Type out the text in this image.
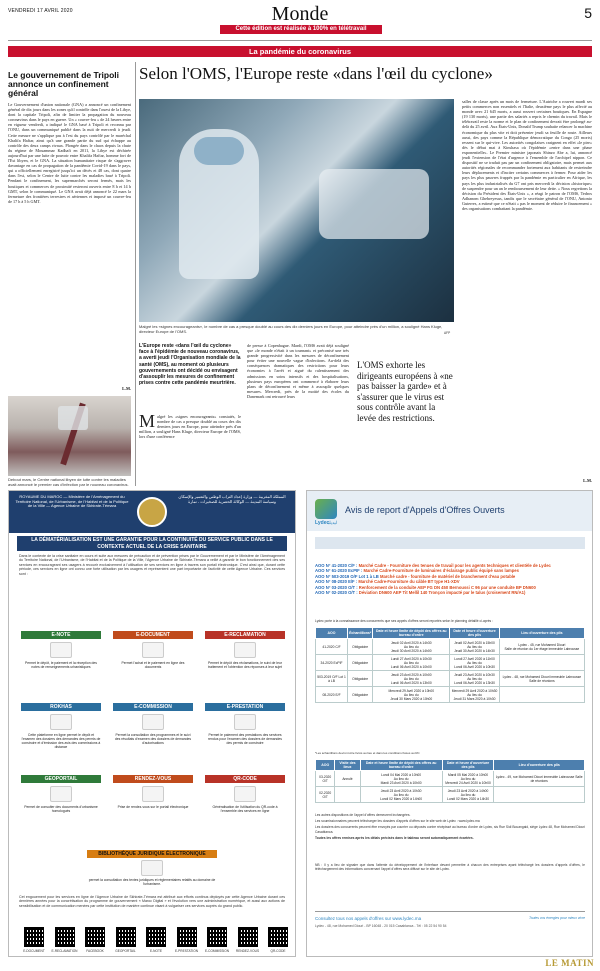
VENDREDI 17 AVRIL 2020	Monde	5
Cette édition est réalisée à 100% en télétravail
La pandémie du coronavirus
Le gouvernement de Tripoli annonce un confinement général
Le Gouvernement d'union nationale (GNA) a annoncé un confinement général de dix jours dans les zones qu'il contrôle dans l'ouest de la Libye, dont la capitale Tripoli, afin de limiter la propagation du nouveau coronavirus dans le pays en guerre. Un « couvre-feu » de 24 heures entre en vigueur vendredi, a indiqué le GNA basé à Tripoli et reconnu par l'ONU, dans un communiqué publié dans la nuit de mercredi à jeudi. Cette mesure ne s'applique pas à l'est du pays contrôlé par le maréchal Khalifa Haftar, ainsi qu'à une grande partie du sud qui échappe au contrôle des deux camps rivaux. Plongée dans le chaos depuis la chute du régime de Mouammar Kadhafi en 2011, la Libye est déchirée aujourd'hui par une lutte de pouvoir entre Khalifa Haftar, homme fort de l'Est libyen, et le GNA. La situation humanitaire risque de s'aggraver davantage en cas de propagation de la pandémie Covid-19 dans le pays, qui a officiellement enregistré jusqu'ici un décès et 48 cas, dont quatre dans l'est, selon le Centre de lutte contre les maladies basé à Tripoli. Pendant le confinement, les supermarchés seront fermés, mais les boutiques et commerces de proximité resteront ouverts entre 8 h et 14 h GMT, selon le communiqué. Le GNA avait déjà annoncé le 22 mars la fermeture des frontières terrestres et aériennes et imposé un couvre-feu de 17 h à 5 h GMT.
L.M.
Debout mars, le Centre national libyen de lutte contre les maladies avait annoncé le premier cas d'infection par le nouveau coronavirus.
Selon l'OMS, l'Europe reste «dans l'œil du cyclone»
Malgré les «signes encourageants», le nombre de cas a presque doublé au cours des dix derniers jours en Europe, pour atteindre près d'un million, a souligné Hans Kluge, directeur Europe de l'OMS.	AFP
L'Europe reste «dans l'œil du cyclone» face à l'épidémie de nouveau coronavirus, a averti jeudi l'Organisation mondiale de la santé (OMS), au moment où plusieurs gouvernements ont décidé ou envisagent d'assouplir les mesures de confinement prises contre cette pandémie meurtrière.
Malgré les «signes encourageants» constatés, le nombre de cas a presque doublé au cours des dix derniers jours en Europe, pour atteindre près d'un million, a souligné Hans Kluge, directeur Europe de l'OMS, lors d'une conférence
de presse à Copenhague. Mardi, l'OMS avait déjà souligné que «le monde n'était à un tournant» et préconisé une très grande progressivité dans les mesures de déconfinement pour éviter une nouvelle vague d'infections. Au-delà des conséquences dramatiques des restrictions pour leurs économies à l'arrêt et aiguë du ralentissement des admissions en soins intensifs et des hospitalisations, plusieurs pays européens ont commencé à élaborer leurs plans de déconfinement et même à assouplir quelques mesures. Mercredi, près de la moitié des écoles du Danemark ont retrouvé leurs
L'OMS exhorte les dirigeants européens à «ne pas baisser la garde» et à s'assurer que le virus est sous contrôle avant la levée des restrictions.
salles de classe après un mois de fermeture. L'Autriche a rouvert mardi ses petits commerces non essentiels et l'Italie, deuxième pays le plus affecté au monde avec 21 645 morts, a aussi rouvert certaines boutiques. En Espagne (19 130 morts), une partie des salariés a repris le chemin du travail. Mais le télétravail reste la norme et le plan de confinement devrait être prolongé au-delà du 25 avril. Aux États-Unis, Donald Trump souhaite relancer la machine économique du plus vite et doit présenter jeudi sa feuille de route. Ailleurs aussi, des pays comme la République démocratique du Congo (25 morts) ressent sur le qui-vive. Les autorités congolaises craignent en effet «le pire» dès le début mai à Kinshasa où l'épidémie «entre dans une phase exponentielle». Le Premier ministre japonais Shinzo Abe a, lui, annoncé jeudi l'extension de l'état d'urgence à l'ensemble de l'archipel nippon. Ce dispositif ne se traduit pas par un confinement obligatoire, mais permet aux autorités régionales de recommander fortement aux habitants de restreindre leurs déplacements et d'inciter certains commerces à fermer. Pour aider les pays les plus pauvres frappés par la pandémie en particulier en Afrique, les pays les plus industrialisés du G7 ont pris mercredi la décision «historique» de suspendre pour un an le remboursement de leur dette. « Nous regrettons la décision du Président des États-Unis », a réagi le patron de l'OMS, Tedros Adhanom Ghebreyesus, tandis que le secrétaire général de l'ONU, Antonio Guterres, a estimé que ce n'était « pas le moment de réduire le financement » des organisations combattant la pandémie.
L.M.
ROYAUME DU MAROC — Ministère de l'Aménagement du Territoire National, de l'Urbanisme, de l'Habitat et de la Politique de la Ville — Agence Urbaine de Skhirate-Témara
المملكة المغربية — وزارة إعداد التراب الوطني والتعمير والإسكان وسياسة المدينة — الوكالة الحضرية للصخيرات - تمارة
LA DÉMATÉRIALISATION EST UNE GARANTIE POUR LA CONTINUITÉ DU SERVICE PUBLIC DANS LE CONTEXTE ACTUEL DE LA CRISE SANITAIRE
Dans le contexte de la crise sanitaire en cours et suite aux mesures de précaution et de prévention prises par le Gouvernement et par le Ministère de l'Aménagement du Territoire National, de l'Urbanisme, de l'Habitat et de la Politique de la Ville, l'Agence Urbaine de Skhirate-Témara a veillé à garantir le bon fonctionnement des ses services en encourageant ses usagers à recourir exclusivement à l'utilisation de ses services en ligne à travers son portail électronique. C'est ainsi que, durant cette période, ces services en ligne ont connu une forte utilisation par les usagers et représentent une part importante de l'activité de cette Agence Urbaine. Ces services sont :
E-NOTE
Permet le dépôt, le paiement et la réception des notes de renseignements urbanistiques
E-DOCUMENT
Permet l'achat et le paiement en ligne des documents
E-RECLAMATION
Permet le dépôt des réclamations, le suivi de leur traitement et l'obtention des réponses à leur sujet
ROKHAS
Cette plateforme en ligne permet le dépôt et l'examen des dossiers des demandes des permis de construire et d'émission des avis des commissions à distance
E-COMMISSION
Permet la consultation des programmes et le suivi des résultats d'examen des dossiers de demandes d'autorisations
E-PRESTATION
Permet le paiement des prestations des services rendus pour l'examen des dossiers de demandes des permis de construire
GEOPORTAIL
Permet de consulter des documents d'urbanisme homologués
RENDEZ-VOUS
Prise de rendez-vous sur le portail électronique
QR-CODE
Généralisation de l'utilisation du QR-code à l'ensemble des services en ligne
BIBLIOTHÈQUE JURIDIQUE ÉLECTRONIQUE
permet la consultation des textes juridiques et réglementaires relatifs au domaine de l'urbanisme.
Cet engouement pour les services en ligne de l'Agence Urbaine de Skhirate-Témara est attribué aux efforts continus déployés par cette Agence Urbaine durant ces dernières années pour la concrétisation du programme de gouvernement « Maroc Digital » et l'évolution vers une administration numérique, et aussi aux actions de sensibilisation et de communication menées par cette institution de manière continue visant à vulgariser ces services auprès du grand public.
E-DOCUMENT	E-RECLAMATION	FACEBOOK	GEOPORTAIL	E-NOTE	E-PRESTATION	E-COMMISSION	RENDEZ-VOUS	QR-CODE
Lydec
ليديك
Avis de report d'Appels d'Offres Ouverts
AOO N° 41-2020 C/F : Marché Cadre - Fourniture des tenues de travail pour les agents techniques et clientèle de Lydec
AOO N° 61-2020 EcPIF : Marché Cadre-Fourniture de luminaires d'éclairage public équipé sans lampes
AOO N° 503-2019 O/F Lot 1 à LB Marché cadre - fourniture de matériel de branchement d'eau potable
AOO N° 08-2020 E/F : Marché Cadre-Fourniture du câble BT type H1-XDV
AOO N° 03-2020 O/T : Renforcement de la conduite AEP FG DN 450 Bernoussi C 96 par une conduite BP DN600
AOO N° 02-2020 O/T : Déviation DN600 AEP Tit Mellil 140 Tronçon impacté par le talus (croisement RN/A1)
Lydec porte à la connaissance des concurrents que ses appels d'offres seront reportés selon le planning détaillé ci-après :
AOO	Échantillons*	Date et heure limite de dépôt des offres au bureau d'ordre	Date et heure d'ouverture des plis	Lieu d'ouverture des plis
41-2020 C/F	Obligatoire	Jeudi 02 Avril 2020 à 14h30
Au lieu du
Jeudi 30 Avril 2020 à 14h00	Jeudi 02 Avril 2020 à 15h00
Au lieu du
Jeudi 30 Avril 2020 à 14h30	Lydec - 45, rue Mohamed Diouri
Salle de réunion du 1er étage immeuble Labrousse
34-2020 EcPIF	Obligatoire	Lundi 27 Avril 2020 à 10h30
Au lieu du
Lundi 06 Avril 2020 à 10h00	Lundi 27 Avril 2020 à 11h00
Au lieu du
Lundi 06 Avril 2020 à 10h30	
503-2019 O/F Lot 1 à LB	Obligatoire	Jeudi 23 Avril 2020 à 10h00
Au lieu du
Lundi 06 Avril 2020 à 13h00	Jeudi 23 Avril 2020 à 10h30
Au lieu du
Lundi 06 Avril 2020 à 13h30	Lydec - 48, rue Mohamed Diouri immeuble Labrousse Salle de réunions
08-2020 E/F	Obligatoire	Mercredi 29 Avril 2020 à 10h00
Au lieu du
Jeudi 30 Mars 2020 à 10h00	Mercredi 29 Avril 2020 à 10h30
Au lieu du
Jeudi 31 Mars 2020 à 10h30	
*Les échantillons devront être livrés au lieu et dans les conditions fixées au RC
AOO	Visite des lieux	Date et heure limite de dépôt des offres au bureau d'ordre	Date et heure d'ouverture des plis	Lieu d'ouverture des plis
03-2020 O/T	Annulé	Lundi 04 Mai 2020 à 10h00
Au lieu du
Mardi 23 Avril 2020 à 10h00	Mardi 05 Mai 2020 à 10h00
Au lieu du
Mercredi 24 Avril 2020 à 10h00	Lydec - 49, rue Mohamed Diouri immeuble Labrousse Salle de réunions
02-2020 O/T		Jeudi 23 Avril 2020 à 10h30
Au lieu du
Lundi 02 Mars 2020 à 14h00	Jeudi 23 Avril 2020 à 14h00
Au lieu du
Lundi 02 Mars 2020 à 14h30	
Les autres dispositions de l'appel d'offres demeurent inchangées.
Les soumissionnaires peuvent télécharger les dossiers d'appels d'offres sur le site web de Lydec : www.lydec.ma
Les dossiers des concurrents peuvent être envoyés par courrier ou déposés contre récépissé au bureau d'ordre de Lydec, sis Rue Sidi Bouangaid, siège Lydec 48, Rue Mohamed Diouri Casablanca.
Toutes les offres remises après les délais précisés dans le tableau seront automatiquement écartées.
NB : Il y a lieu de signaler que dans l'attente du développement de l'interface devant permettre à chacun des entreprises ayant téléchargé les dossiers d'appels d'offres, le téléchargement des informations concernant l'appel d'offres sera diffusé sur le site de Lydec.
Consultez tous nos appels d'offres sur www.lydec.ma
Lydec - 48, rue Mohamed Diouri - BP 16048 - 20 015 Casablanca - Tél : 05 22 54 90 54
Toutes vos énergies pour mieux vivre
LE MATIN
